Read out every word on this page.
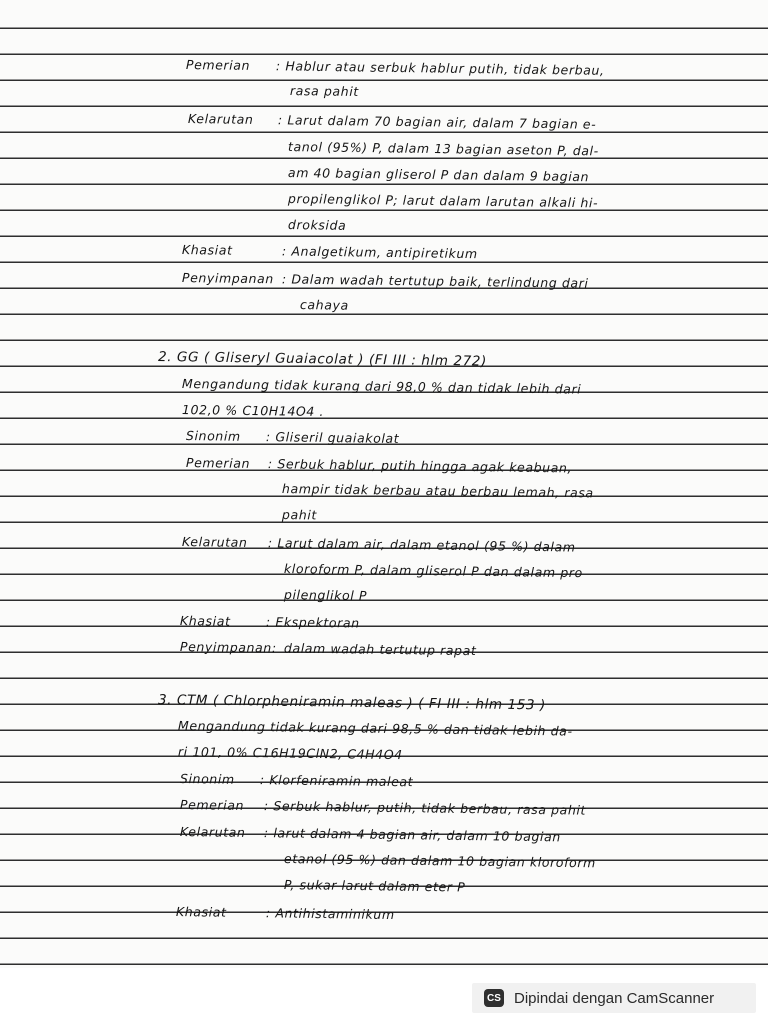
Pemerian : Hablur atau serbuk hablur putih, tidak berbau,
rasa pahit
Kelarutan : Larut dalam 70 bagian air, dalam 7 bagian e-
tanol (95%) P, dalam 13 bagian aseton P, dal-
am 40 bagian gliserol P dan dalam 9 bagian
propilenglikol P; larut dalam larutan alkali hi-
droksida
Khasiat	: Analgetikum, antipiretikum
Penyimpanan : Dalam wadah tertutup baik, terlindung dari
cahaya
2. GG ( Gliseryl Guaiacolat ) (FI III : hlm 272)
Mengandung tidak kurang dari 98,0 % dan tidak lebih dari
102,0 % C10H14O4 .
Sinonim : Gliseril guaiakolat
Pemerian : Serbuk hablur, putih hingga agak keabuan,
hampir tidak berbau atau berbau lemah, rasa
pahit
Kelarutan : Larut dalam air, dalam etanol (95 %) dalam
kloroform P, dalam gliserol P dan dalam pro
pilenglikol P
Khasiat	: Ekspektoran
Penyimpanan: dalam wadah tertutup rapat
3. CTM ( Chlorpheniramin maleas ) ( FI III : hlm 153 )
Mengandung tidak kurang dari 98,5 % dan tidak lebih da-
ri 101, 0% C16H19ClN2, C4H4O4
Sinonim : Klorfeniramin maleat
Pemerian : Serbuk hablur, putih, tidak berbau, rasa pahit
Kelarutan : larut dalam 4 bagian air, dalam 10 bagian
etanol (95 %) dan dalam 10 bagian kloroform
P, sukar larut dalam eter P
Khasiat	: Antihistaminikum
CS Dipindai dengan CamScanner
